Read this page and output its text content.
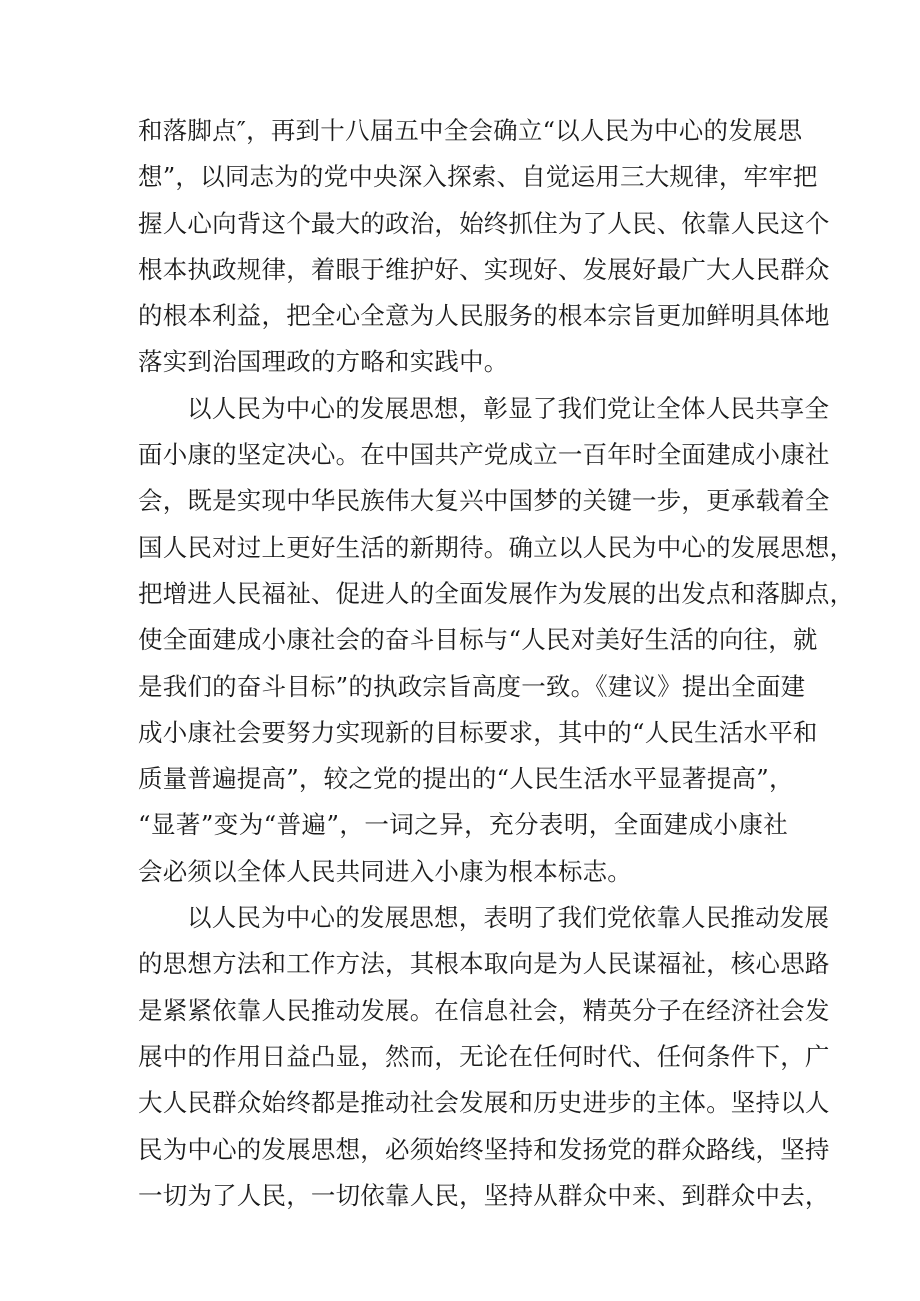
和落脚点″，再到十八届五中全会确立“以人民为中心的发展思
想”，以同志为的党中央深入探索、自觉运用三大规律，牢牢把
握人心向背这个最大的政治，始终抓住为了人民、依靠人民这个
根本执政规律，着眼于维护好、实现好、发展好最广大人民群众
的根本利益，把全心全意为人民服务的根本宗旨更加鲜明具体地
落实到治国理政的方略和实践中。

以人民为中心的发展思想，彰显了我们党让全体人民共享全
面小康的坚定决心。在中国共产党成立一百年时全面建成小康社
会，既是实现中华民族伟大复兴中国梦的关键一步，更承载着全
国人民对过上更好生活的新期待。确立以人民为中心的发展思想，
把增进人民福祉、促进人的全面发展作为发展的出发点和落脚点，
使全面建成小康社会的奋斗目标与“人民对美好生活的向往，就
是我们的奋斗目标”的执政宗旨高度一致。《建议》提出全面建
成小康社会要努力实现新的目标要求，其中的“人民生活水平和
质量普遍提高”，较之党的提出的“人民生活水平显著提高”，
“显著”变为“普遍”，一词之异，充分表明，全面建成小康社
会必须以全体人民共同进入小康为根本标志。

以人民为中心的发展思想，表明了我们党依靠人民推动发展
的思想方法和工作方法，其根本取向是为人民谋福祉，核心思路
是紧紧依靠人民推动发展。在信息社会，精英分子在经济社会发
展中的作用日益凸显，然而，无论在任何时代、任何条件下，广
大人民群众始终都是推动社会发展和历史进步的主体。坚持以人
民为中心的发展思想，必须始终坚持和发扬党的群众路线，坚持
一切为了人民，一切依靠人民，坚持从群众中来、到群众中去，
